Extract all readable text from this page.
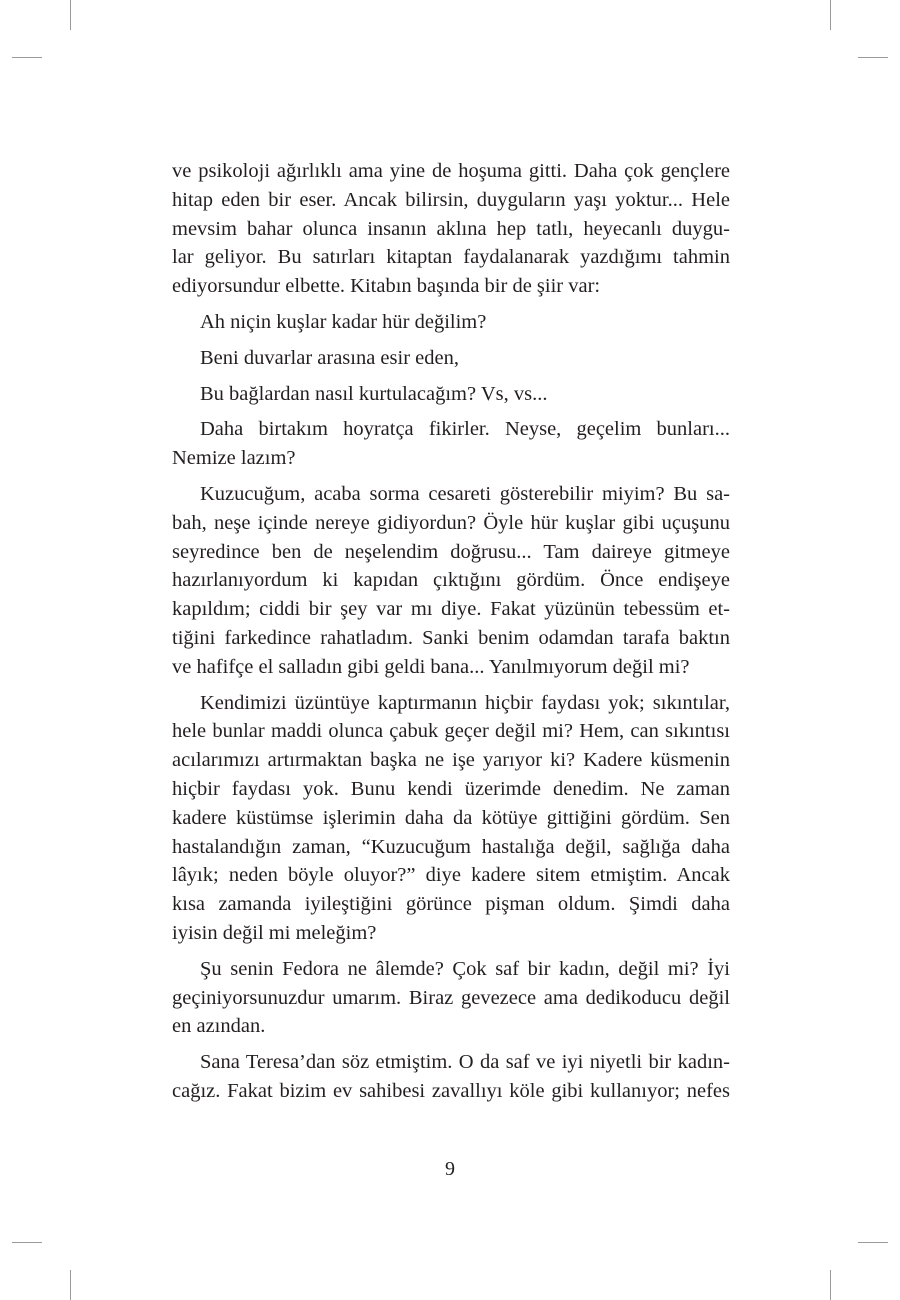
ve psikoloji ağırlıklı ama yine de hoşuma gitti. Daha çok gençlere
hitap eden bir eser. Ancak bilirsin, duyguların yaşı yoktur... Hele
mevsim bahar olunca insanın aklına hep tatlı, heyecanlı duygu-
lar geliyor. Bu satırları kitaptan faydalanarak yazdığımı tahmin
ediyorsundur elbette. Kitabın başında bir de şiir var:
Ah niçin kuşlar kadar hür değilim?
Beni duvarlar arasına esir eden,
Bu bağlardan nasıl kurtulacağım? Vs, vs...
Daha birtakım hoyratça fikirler. Neyse, geçelim bunları...
Nemize lazım?
Kuzucuğum, acaba sorma cesareti gösterebilir miyim? Bu sa-
bah, neşe içinde nereye gidiyordun? Öyle hür kuşlar gibi uçuşunu
seyredince ben de neşelendim doğrusu... Tam daireye gitmeye
hazırlanıyordum ki kapıdan çıktığını gördüm. Önce endişeye
kapıldım; ciddi bir şey var mı diye. Fakat yüzünün tebessüm et-
tiğini farkedince rahatladım. Sanki benim odamdan tarafa baktın
ve hafifçe el salladın gibi geldi bana... Yanılmıyorum değil mi?
Kendimizi üzüntüye kaptırmanın hiçbir faydası yok; sıkıntılar,
hele bunlar maddi olunca çabuk geçer değil mi? Hem, can sıkıntısı
acılarımızı artırmaktan başka ne işe yarıyor ki? Kadere küsmenin
hiçbir faydası yok. Bunu kendi üzerimde denedim. Ne zaman
kadere küstümse işlerimin daha da kötüye gittiğini gördüm. Sen
hastalandığın zaman, “Kuzucuğum hastalığa değil, sağlığa daha
lâyık; neden böyle oluyor?” diye kadere sitem etmiştim. Ancak
kısa zamanda iyileştiğini görünce pişman oldum. Şimdi daha
iyisin değil mi meleğim?
Şu senin Fedora ne âlemde? Çok saf bir kadın, değil mi? İyi
geçiniyorsunuzdur umarım. Biraz gevezece ama dedikoducu değil
en azından.
Sana Teresa’dan söz etmiştim. O da saf ve iyi niyetli bir kadın-
cağız. Fakat bizim ev sahibesi zavallıyı köle gibi kullanıyor; nefes
9
